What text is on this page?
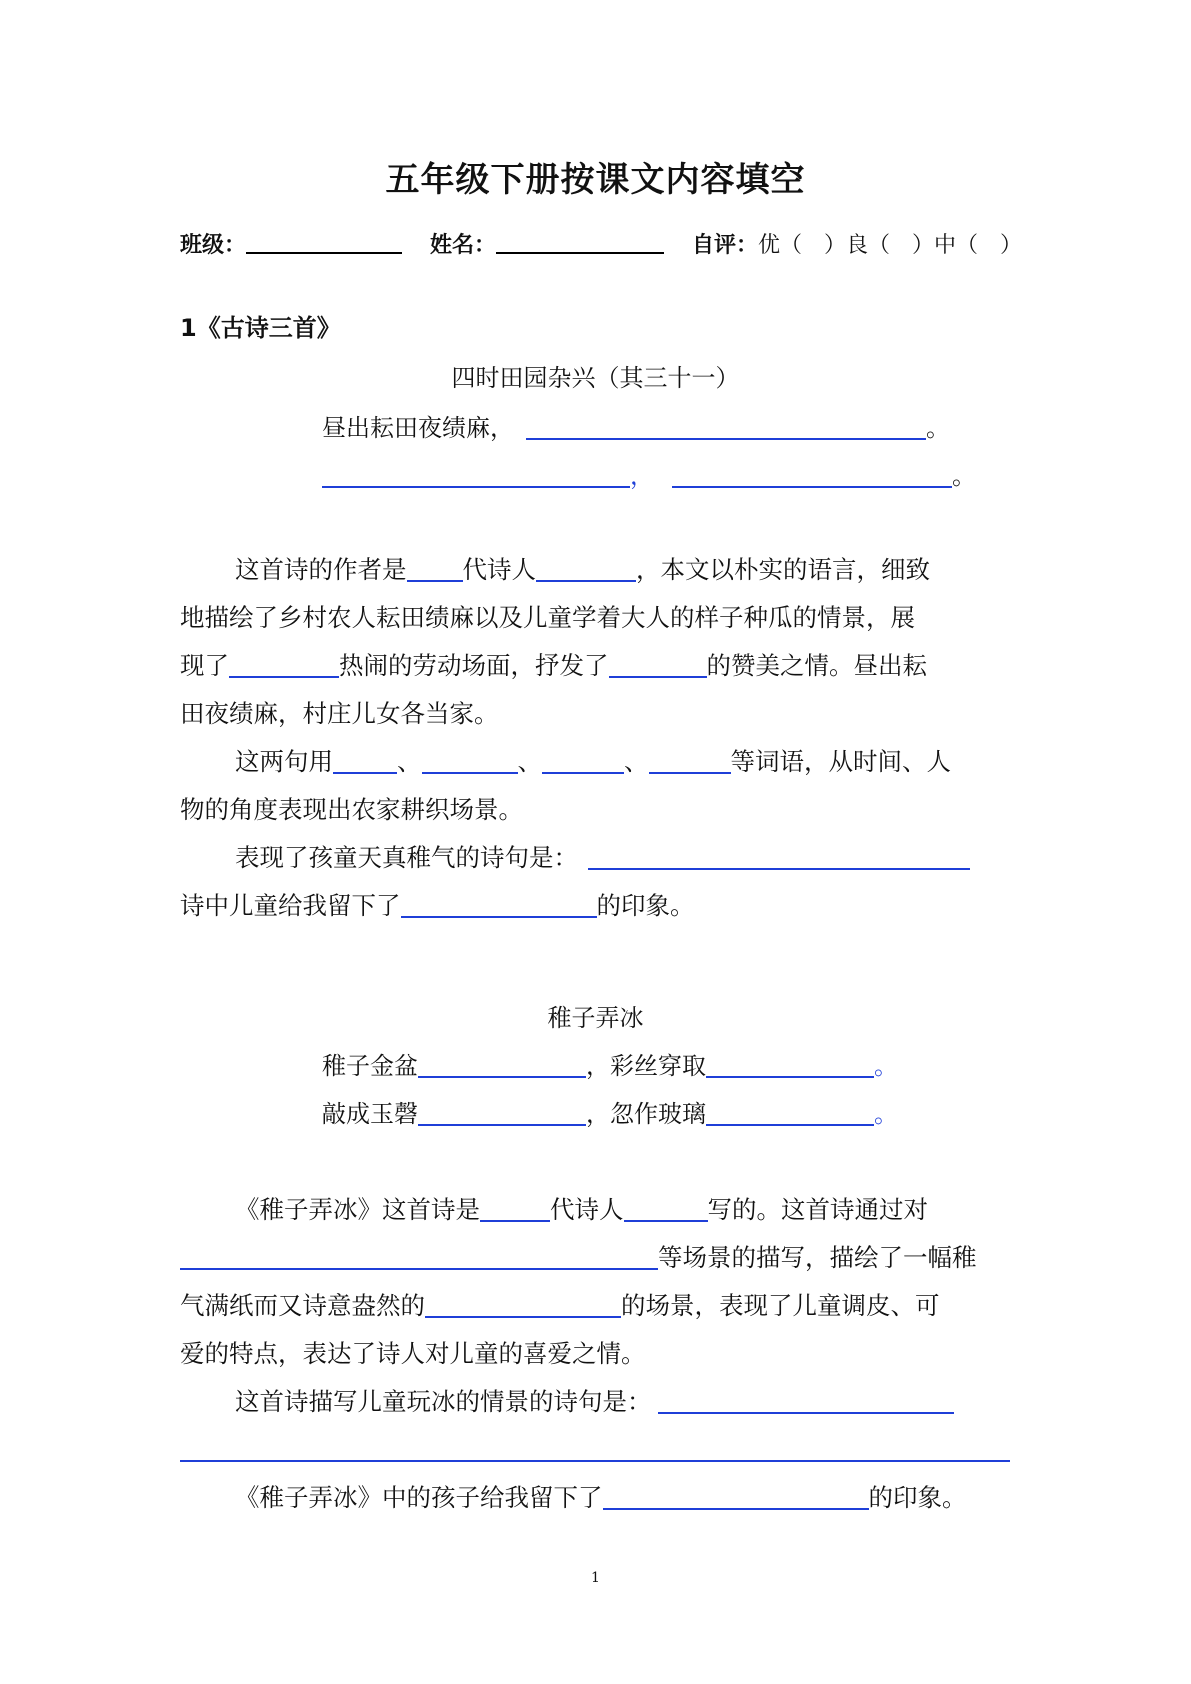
五年级下册按课文内容填空
班级：	姓名：	自评：优（　）良（　）中（　）
1《古诗三首》
四时田园杂兴（其三十一）
昼出耘田夜绩麻，	。
，	。
这首诗的作者是 代诗人	，本文以朴实的语言，细致
地描绘了乡村农人耘田绩麻以及儿童学着大人的样子种瓜的情景，展
现了	热闹的劳动场面，抒发了	的赞美之情。昼出耘
田夜绩麻，村庄儿女各当家。
这两句用	、	、	、	等词语，从时间、人
物的角度表现出农家耕织场景。
表现了孩童天真稚气的诗句是：
诗中儿童给我留下了	的印象。
稚子弄冰
稚子金盆	，彩丝穿取	。
敲成玉磬	，忽作玻璃	。
《稚子弄冰》这首诗是	代诗人	写的。这首诗通过对
等场景的描写，描绘了一幅稚
气满纸而又诗意盎然的	的场景，表现了儿童调皮、可
爱的特点，表达了诗人对儿童的喜爱之情。
这首诗描写儿童玩冰的情景的诗句是：
《稚子弄冰》中的孩子给我留下了	的印象。
1
